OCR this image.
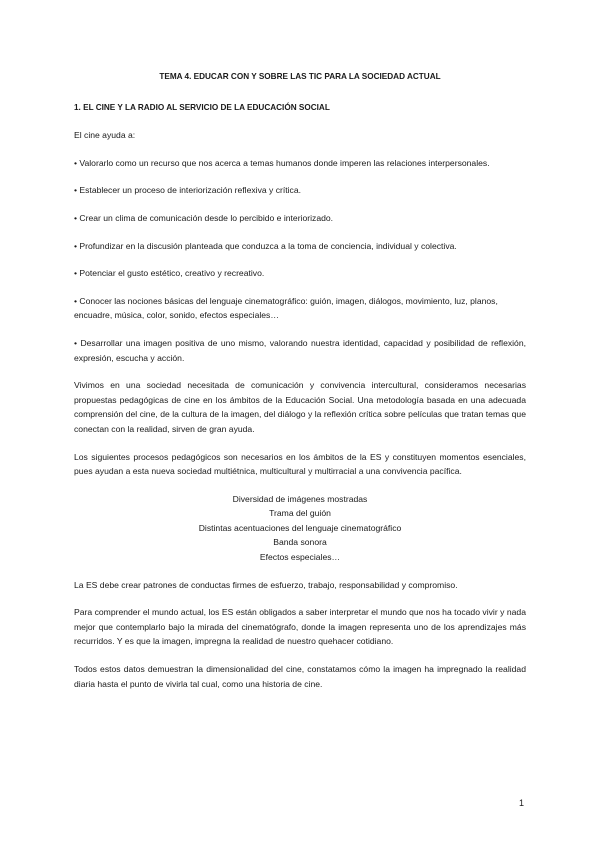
TEMA 4. EDUCAR CON Y SOBRE LAS TIC PARA LA SOCIEDAD ACTUAL
1. EL CINE Y LA RADIO AL SERVICIO DE LA EDUCACIÓN SOCIAL

El cine ayuda a:

• Valorarlo como un recurso que nos acerca a temas humanos donde imperen las relaciones interpersonales.
• Establecer un proceso de interiorización reflexiva y crítica.
• Crear un clima de comunicación desde lo percibido e interiorizado.
• Profundizar en la discusión planteada que conduzca a la toma de conciencia, individual y colectiva.
• Potenciar el gusto estético, creativo y recreativo.
• Conocer las nociones básicas del lenguaje cinematográfico: guión, imagen, diálogos, movimiento, luz, planos, encuadre, música, color, sonido, efectos especiales…
• Desarrollar una imagen positiva de uno mismo, valorando nuestra identidad, capacidad y posibilidad de reflexión, expresión, escucha y acción.

Vivimos en una sociedad necesitada de comunicación y convivencia intercultural, consideramos necesarias propuestas pedagógicas de cine en los ámbitos de la Educación Social. Una metodología basada en una adecuada comprensión del cine, de la cultura de la imagen, del diálogo y la reflexión crítica sobre películas que tratan temas que conectan con la realidad, sirven de gran ayuda.

Los siguientes procesos pedagógicos son necesarios en los ámbitos de la ES y constituyen momentos esenciales, pues ayudan a esta nueva sociedad multiétnica, multicultural y multirracial a una convivencia pacífica.

Diversidad de imágenes mostradas
Trama del guión
Distintas acentuaciones del lenguaje cinematográfico
Banda sonora
Efectos especiales…

La ES debe crear patrones de conductas firmes de esfuerzo, trabajo, responsabilidad y compromiso.

Para comprender el mundo actual, los ES están obligados a saber interpretar el mundo que nos ha tocado vivir y nada mejor que contemplarlo bajo la mirada del cinematógrafo, donde la imagen representa uno de los aprendizajes más recurridos. Y es que la imagen, impregna la realidad de nuestro quehacer cotidiano.

Todos estos datos demuestran la dimensionalidad del cine, constatamos cómo la imagen ha impregnado la realidad diaria hasta el punto de vivirla tal cual, como una historia de cine.

1
